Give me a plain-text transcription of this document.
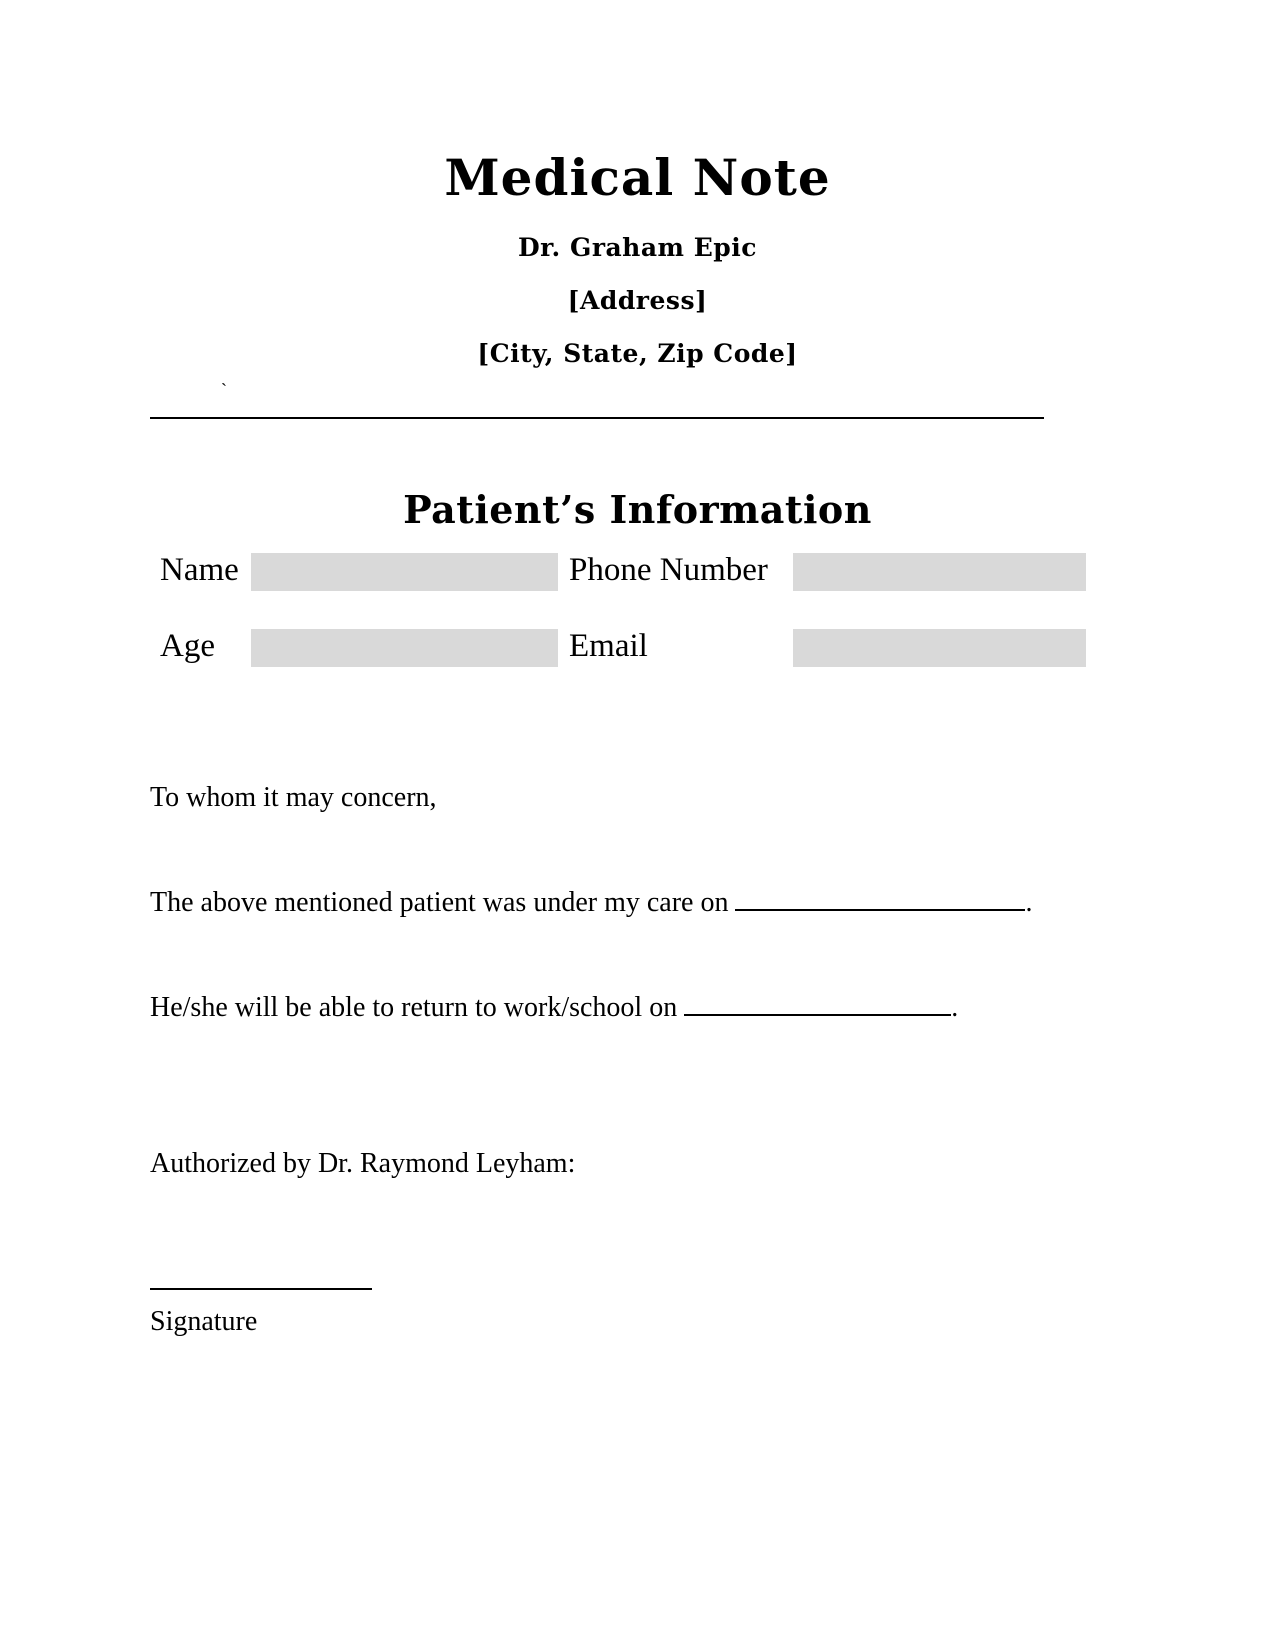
Medical Note
Dr. Graham Epic
[Address]
[City, State, Zip Code]
`
Patient’s Information
Name	Phone Number
Age	Email
To whom it may concern,
The above mentioned patient was under my care on	.
He/she will be able to return to work/school on	.
Authorized by Dr. Raymond Leyham:
Signature
